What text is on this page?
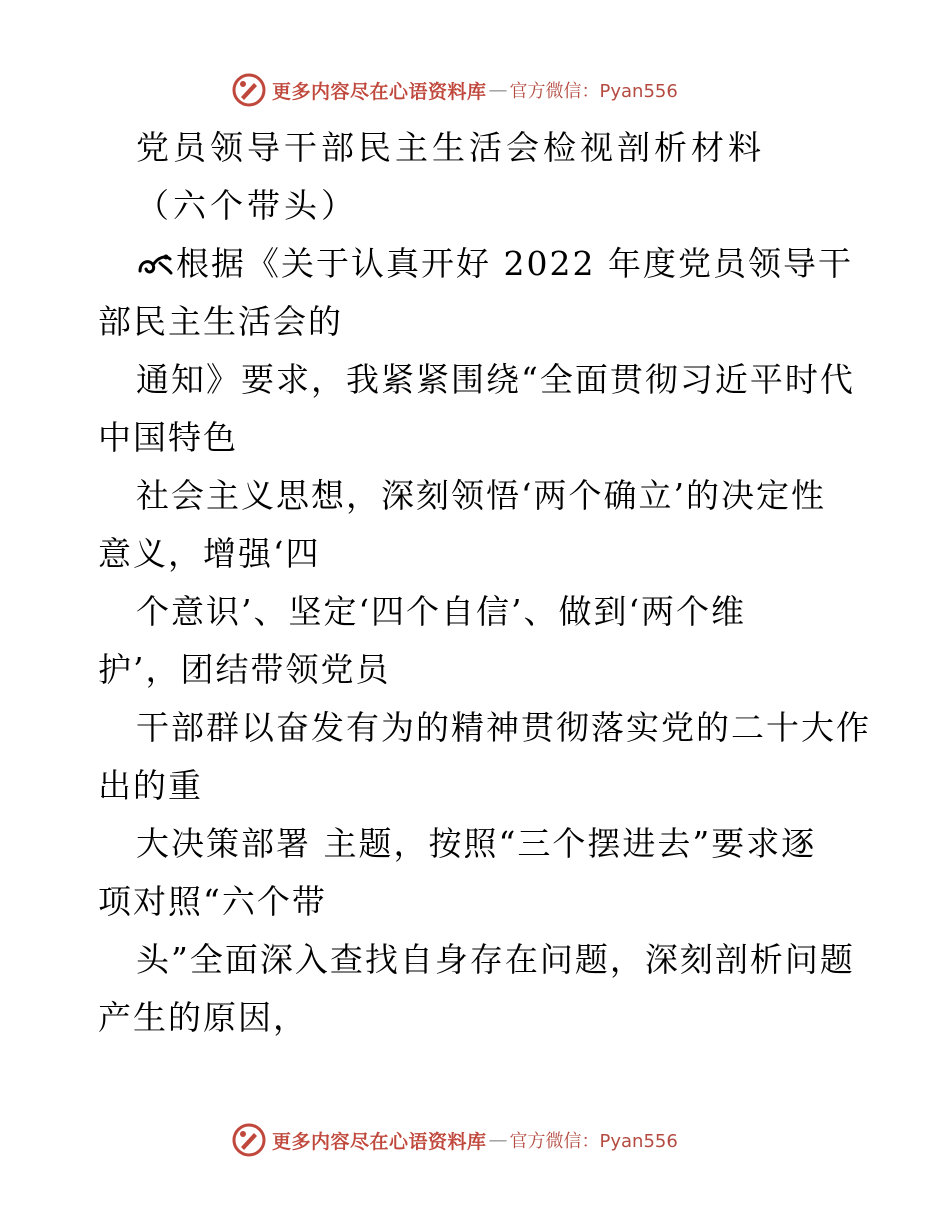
更多内容尽在心语资料库 — 官方微信：Pyan556
党员领导干部民主生活会检视剖析材料
（六个带头）
根据《关于认真开好 2022 年度党员领导干
部民主生活会的
通知》要求，我紧紧围绕“全面贯彻习近平时代
中国特色
社会主义思想，深刻领悟‘两个确立’的决定性
意义，增强‘四
个意识’、坚定‘四个自信’、做到‘两个维
护’，团结带领党员
干部群以奋发有为的精神贯彻落实党的二十大作
出的重
大决策部署 主题，按照“三个摆进去”要求逐
项对照“六个带
头”全面深入查找自身存在问题，深刻剖析问题
产生的原因，
更多内容尽在心语资料库 — 官方微信：Pyan556
